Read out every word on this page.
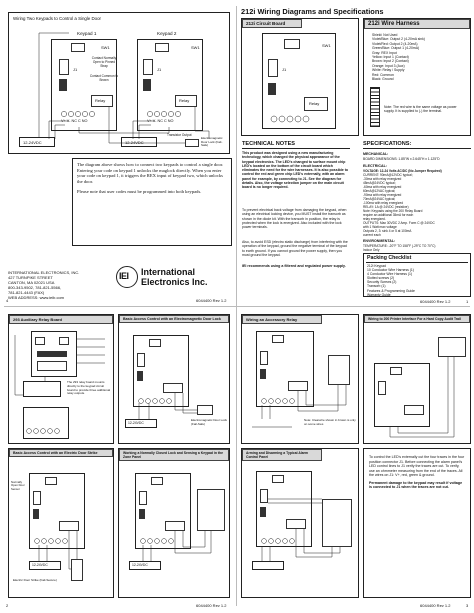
Wiring Two Keypads to Control a Single Door
Keypad 1	Keypad 2
SW1
J1
Relay
Contact Normally Open to Pinned Strap
Contact Common to Brown
SW1
J1
Relay
V+ V- NC C NO	V+ V- NC C NO
12-24VDC	12-24VDC
Transistor Output
Electromagnetic Door Lock (Fail-Safe)
The diagram above shows how to connect two keypads to control a single door. Entering your code on keypad 1 unlocks the maglock directly. When you enter your code on keypad 1, it triggers the REX input of keypad two, which unlocks the door.
Please note that user codes must be programmed into both keypads.
INTERNATIONAL ELECTRONICS, INC.
427 TURNPIKE STREET
CANTON, MA 02021 USA
800-343-9502, 781-821-5566,
781-821-4443 (FAX)
WEB ADDRESS: www.ieib.com
IEI International
Electronics Inc.
4	6044400 Rev 1.2
212i Wiring Diagrams and Specifications
212i Circuit Board
SW1
J1
Relay
212i Wire Harness
Shield: Not Used
Violet/Blue: Output 2 (4-20mA sink)
Violet/Red: Output 2 (4-20mA)
Green/Blue: Output 1 (4-20mA)
Gray: REX Input
Yellow: Input 1 (Contact)
Brown: Input 2 (Contact)
Orange: Input 3 (Aux)
White: Relay / Supply
Red: Common
Black: Ground
Note: The red wire is the same voltage as power supply. It is supplied to (-) the terminal.
TECHNICAL NOTES
This product was designed using a new manufacturing technology, which changed the physical appearance of the keypad electronics. The LED's changed to surface mount chip LED's located on the bottom of the circuit board which eliminates the need for the wire harnesses. It is also possible to control the red and green chip LED's externally, with an alarm panel for example, by connecting to J1. See the diagram for details. Also, the voltage selection jumper on the main circuit board is no longer required.
To prevent electrical back voltage from damaging the keypad, when using an electrical locking device, you MUST install the transorb as shown in the diode kit. With the transorb in position, the relay is protected when the lock is energized. Also included with the lock power terminals.
Also, to avoid ESD (electro static discharge) from interfering with the operation of the keypad, ground the negative terminal of the keypad to earth ground. If you cannot ground the power supply, then you must ground the keypad.
IEI recommends using a filtered and regulated power supply.
SPECIFICATIONS:
MECHANICAL:
BOARD DIMENSIONS: 1.85"W x 2.645"H x 1.125"D
ELECTRICAL:
VOLTAGE: 12-24 Volts AC/DC (No Jumper Required)
CURRENT: 90mA@12VDC typical;
-30ma with relay energized
45mA@24VDC typical;
-60ma with relay energized
60mA@12VAC typical;
-90ma with relay energized
70mA@24VAC typical;
-100ma with relay energized
RELAY: 1A @ 24VDC (resistive)
Note: Keypads using the 200 Relay Board
require an additional 35mA for each
relay energized.
OUTPUTS: Max 30VDC 2 Amp. Form C @ 24VDC
with 1 Watt max voltage
Outputs 2, 3: sink 4 or 5 at 100mA
current each
ENVIRONMENTAL:
TEMPERATURE: -20°F TO 158°F (-29°C TO 70°C)
Indoor Only
Packing Checklist
212i Keypad
10 Conductor Wire Harness (1)
4 Conductor Wire Harness (1)
Slotted screws (2)
Security Screws (2)
Transorb (1)
Features & Programming Guide
Warranty Guide
1
6044400 Rev 1.2
293 Auxiliary Relay Board
The 293 relay board mounts directly to the keypad circuit board to provide three additional relay outputs.
Basic Access Control with an Electromagnetic Door Lock
12-24VDC
Electromagnetic Door Lock (Fail-Safe)
Basic Access Control with an Electric Door Strike
Normally Open Door Sensor
12-24VDC
Electric Door Strike (Fail-Secure)
Working a Normally Closed Lock and Sensing a Keypad in the Zone Panel
12-24VDC
2	6044400 Rev 1.2
Wiring an Accessory Relay
Note: Clearwire shown in brown is only on some wires
Wiring to 200 Printer Interface For a Hard Copy Audit Trail
Arming and Disarming a Typical Alarm Control Panel	To control the LED's externally cut the four traces in the four position connector J1. Before connecting the alarm panel's LED control lines to J1 verify the traces are cut. To verify, use an ohmmeter measuring from the end of the traces. All the wires on J1: V+, red, green & ground.
Permanent damage to the keypad may result if voltage is connected to J1 when the traces are not cut.
3
6044400 Rev 1.2
